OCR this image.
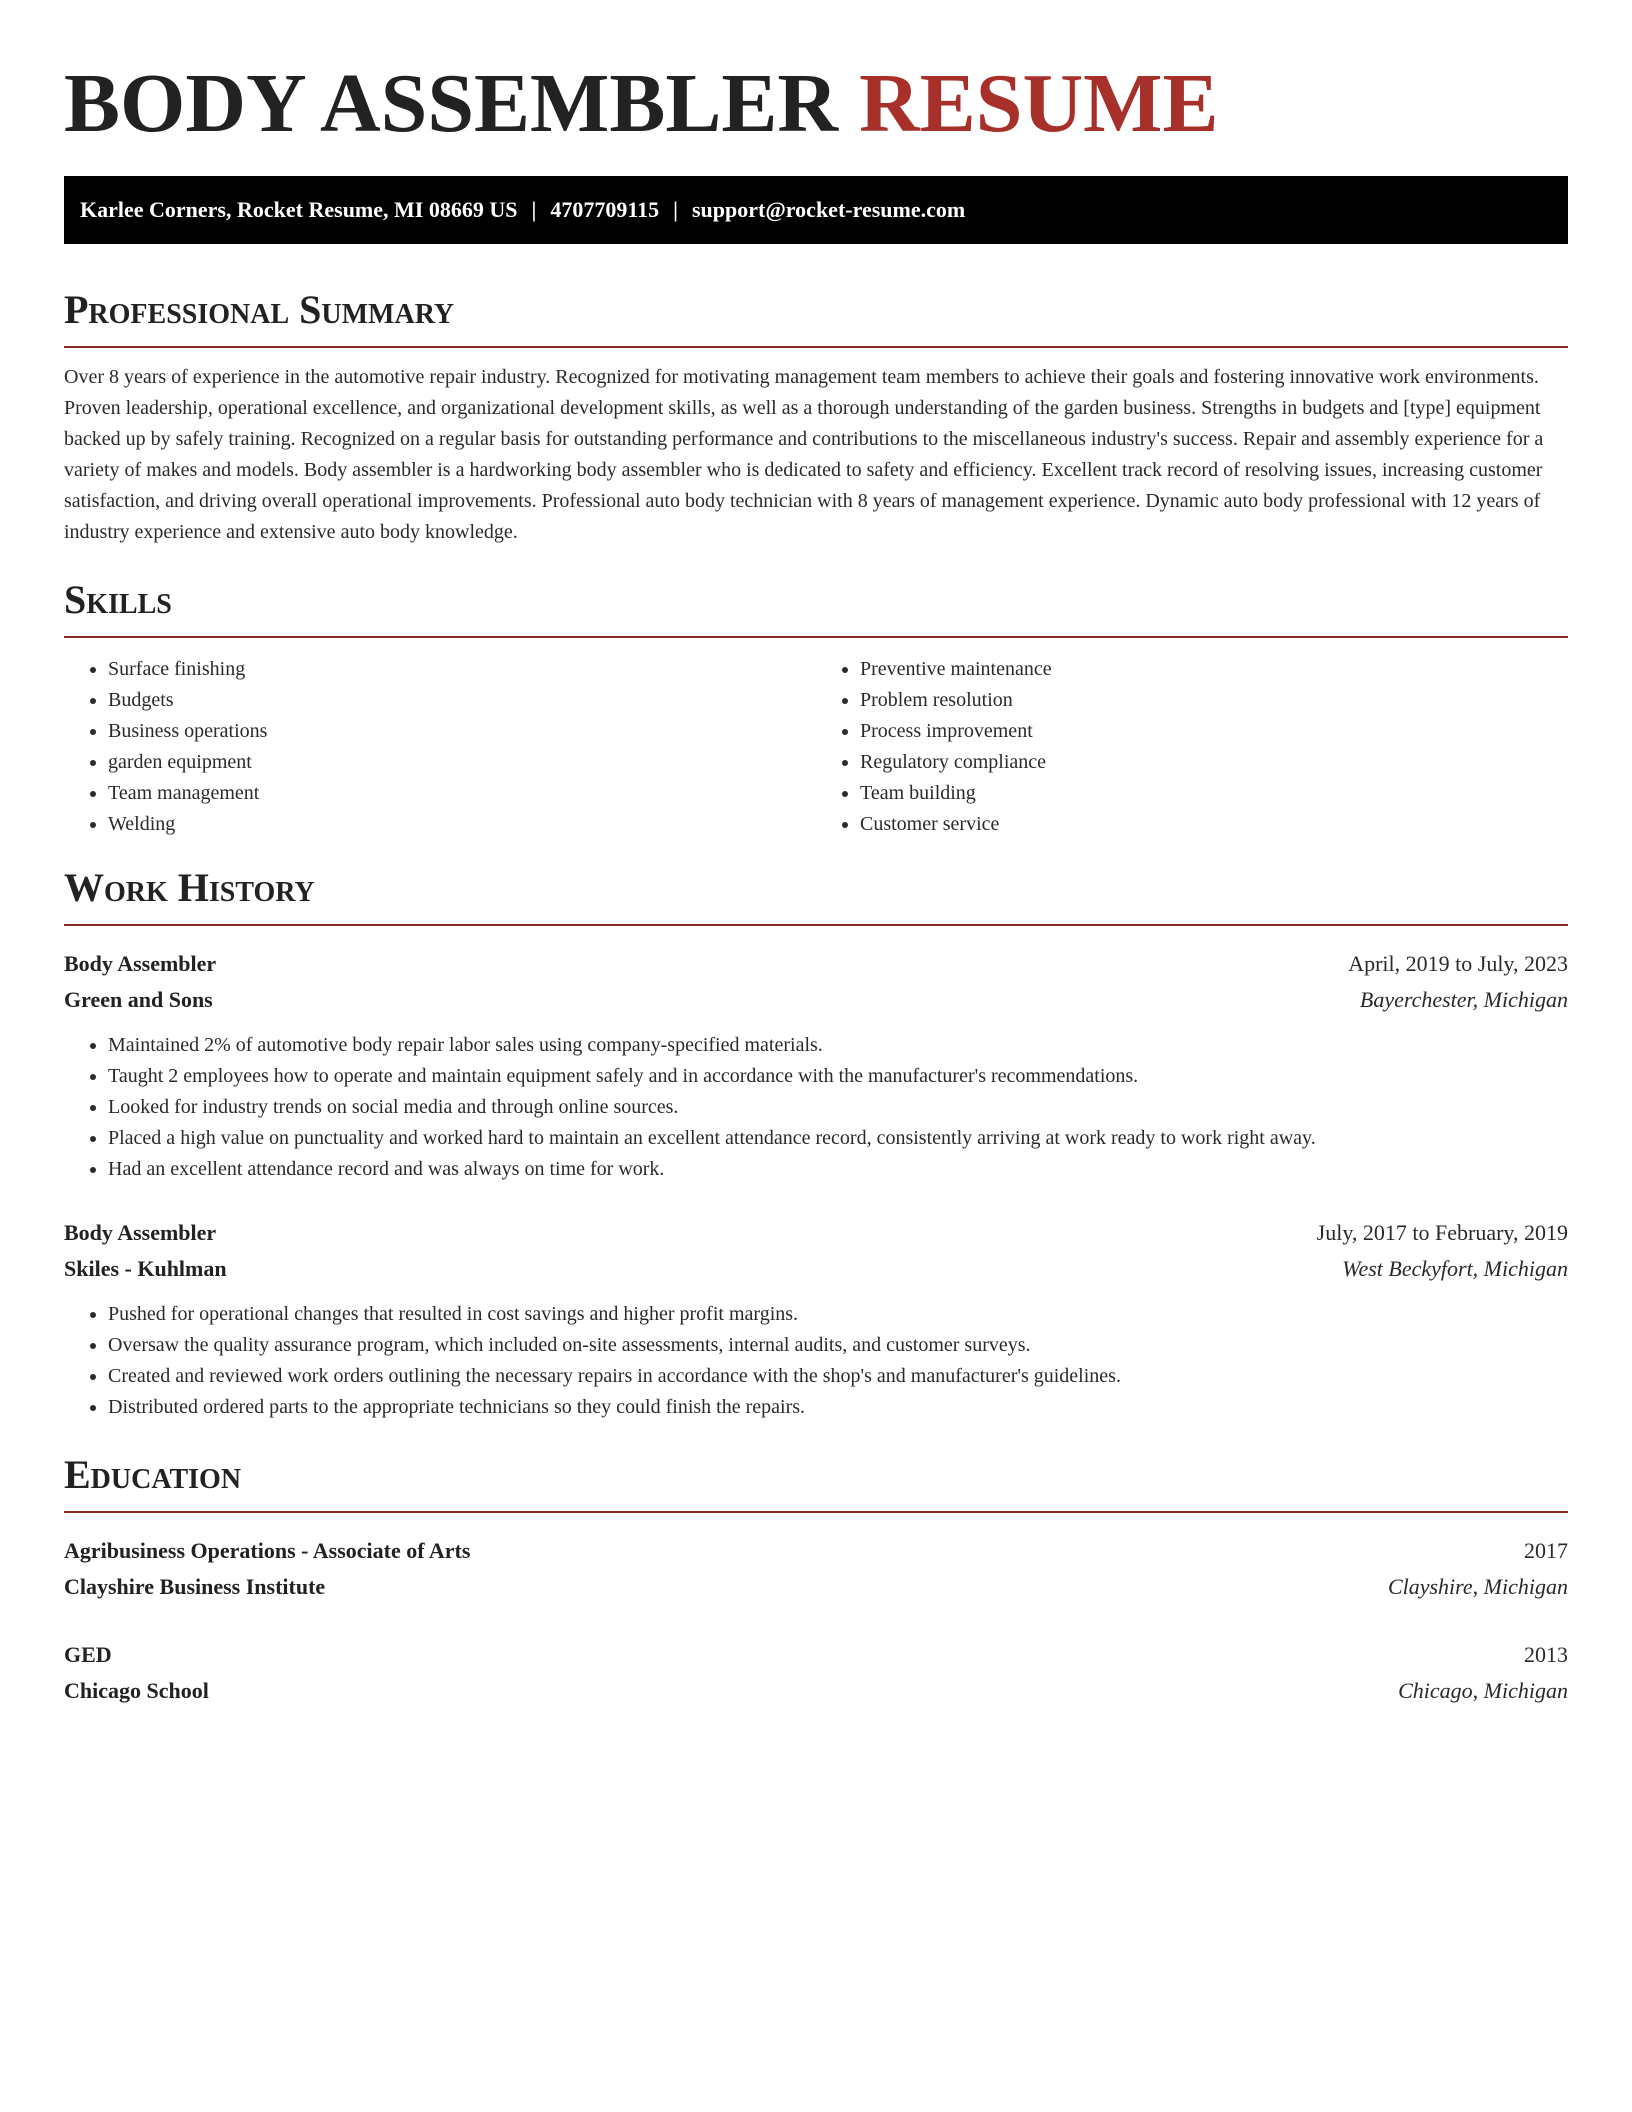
BODY ASSEMBLER RESUME
Karlee Corners, Rocket Resume, MI 08669 US | 4707709115 | support@rocket-resume.com
Professional Summary

Over 8 years of experience in the automotive repair industry. Recognized for motivating management team members to achieve their goals and fostering innovative work environments. Proven leadership, operational excellence, and organizational development skills, as well as a thorough understanding of the garden business. Strengths in budgets and [type] equipment backed up by safely training. Recognized on a regular basis for outstanding performance and contributions to the miscellaneous industry's success. Repair and assembly experience for a variety of makes and models. Body assembler is a hardworking body assembler who is dedicated to safety and efficiency. Excellent track record of resolving issues, increasing customer satisfaction, and driving overall operational improvements. Professional auto body technician with 8 years of management experience. Dynamic auto body professional with 12 years of industry experience and extensive auto body knowledge.

Skills
• Surface finishing
• Budgets
• Business operations
• garden equipment
• Team management
• Welding
• Preventive maintenance
• Problem resolution
• Process improvement
• Regulatory compliance
• Team building
• Customer service
Work History
Body Assembler	April, 2019 to July, 2023
Green and Sons	Bayerchester, Michigan
• Maintained 2% of automotive body repair labor sales using company-specified materials.
• Taught 2 employees how to operate and maintain equipment safely and in accordance with the manufacturer's recommendations.
• Looked for industry trends on social media and through online sources.
• Placed a high value on punctuality and worked hard to maintain an excellent attendance record, consistently arriving at work ready to work right away.
• Had an excellent attendance record and was always on time for work.
Body Assembler	July, 2017 to February, 2019
Skiles - Kuhlman	West Beckyfort, Michigan
• Pushed for operational changes that resulted in cost savings and higher profit margins.
• Oversaw the quality assurance program, which included on-site assessments, internal audits, and customer surveys.
• Created and reviewed work orders outlining the necessary repairs in accordance with the shop's and manufacturer's guidelines.
• Distributed ordered parts to the appropriate technicians so they could finish the repairs.
Education
Agribusiness Operations - Associate of Arts	2017
Clayshire Business Institute	Clayshire, Michigan
GED	2013
Chicago School	Chicago, Michigan
